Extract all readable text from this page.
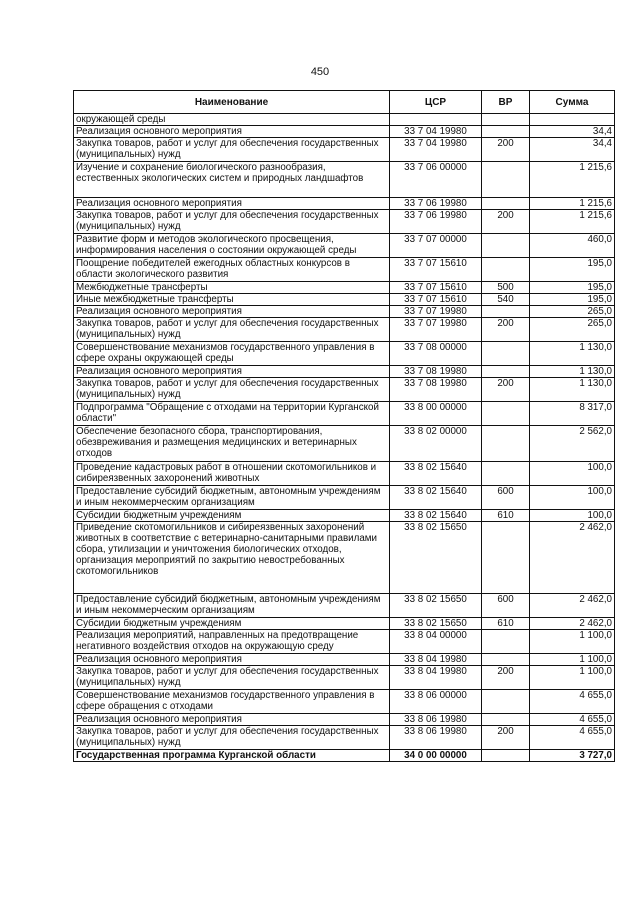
450
Наименование	ЦСР	ВР	Сумма
окружающей среды			
Реализация основного мероприятия	33 7 04 19980		34,4
Закупка товаров, работ и услуг для обеспечения государственных (муниципальных) нужд	33 7 04 19980	200	34,4
Изучение и сохранение биологического разнообразия, естественных экологических систем и природных ландшафтов	33 7 06 00000		1 215,6
Реализация основного мероприятия	33 7 06 19980		1 215,6
Закупка товаров, работ и услуг для обеспечения государственных (муниципальных) нужд	33 7 06 19980	200	1 215,6
Развитие форм и методов экологического просвещения, информирования населения о состоянии окружающей среды	33 7 07 00000		460,0
Поощрение победителей ежегодных областных конкурсов в области экологического развития	33 7 07 15610		195,0
Межбюджетные трансферты	33 7 07 15610	500	195,0
Иные межбюджетные трансферты	33 7 07 15610	540	195,0
Реализация основного мероприятия	33 7 07 19980		265,0
Закупка товаров, работ и услуг для обеспечения государственных (муниципальных) нужд	33 7 07 19980	200	265,0
Совершенствование механизмов государственного управления в сфере охраны окружающей среды	33 7 08 00000		1 130,0
Реализация основного мероприятия	33 7 08 19980		1 130,0
Закупка товаров, работ и услуг для обеспечения государственных (муниципальных) нужд	33 7 08 19980	200	1 130,0
Подпрограмма "Обращение с отходами на территории Курганской области"	33 8 00 00000		8 317,0
Обеспечение безопасного сбора, транспортирования, обезвреживания и размещения медицинских и ветеринарных отходов	33 8 02 00000		2 562,0
Проведение кадастровых работ в отношении скотомогильников и сибиреязвенных захоронений животных	33 8 02 15640		100,0
Предоставление субсидий бюджетным, автономным учреждениям и иным некоммерческим организациям	33 8 02 15640	600	100,0
Субсидии бюджетным учреждениям	33 8 02 15640	610	100,0
Приведение скотомогильников и сибиреязвенных захоронений животных в соответствие с ветеринарно-санитарными правилами сбора, утилизации и уничтожения биологических отходов, организация мероприятий по закрытию невостребованных скотомогильников	33 8 02 15650		2 462,0
Предоставление субсидий бюджетным, автономным учреждениям и иным некоммерческим организациям	33 8 02 15650	600	2 462,0
Субсидии бюджетным учреждениям	33 8 02 15650	610	2 462,0
Реализация мероприятий, направленных на предотвращение негативного воздействия отходов на окружающую среду	33 8 04 00000		1 100,0
Реализация основного мероприятия	33 8 04 19980		1 100,0
Закупка товаров, работ и услуг для обеспечения государственных (муниципальных) нужд	33 8 04 19980	200	1 100,0
Совершенствование механизмов государственного управления в сфере обращения с отходами	33 8 06 00000		4 655,0
Реализация основного мероприятия	33 8 06 19980		4 655,0
Закупка товаров, работ и услуг для обеспечения государственных (муниципальных) нужд	33 8 06 19980	200	4 655,0
Государственная программа Курганской области	34 0 00 00000		3 727,0
